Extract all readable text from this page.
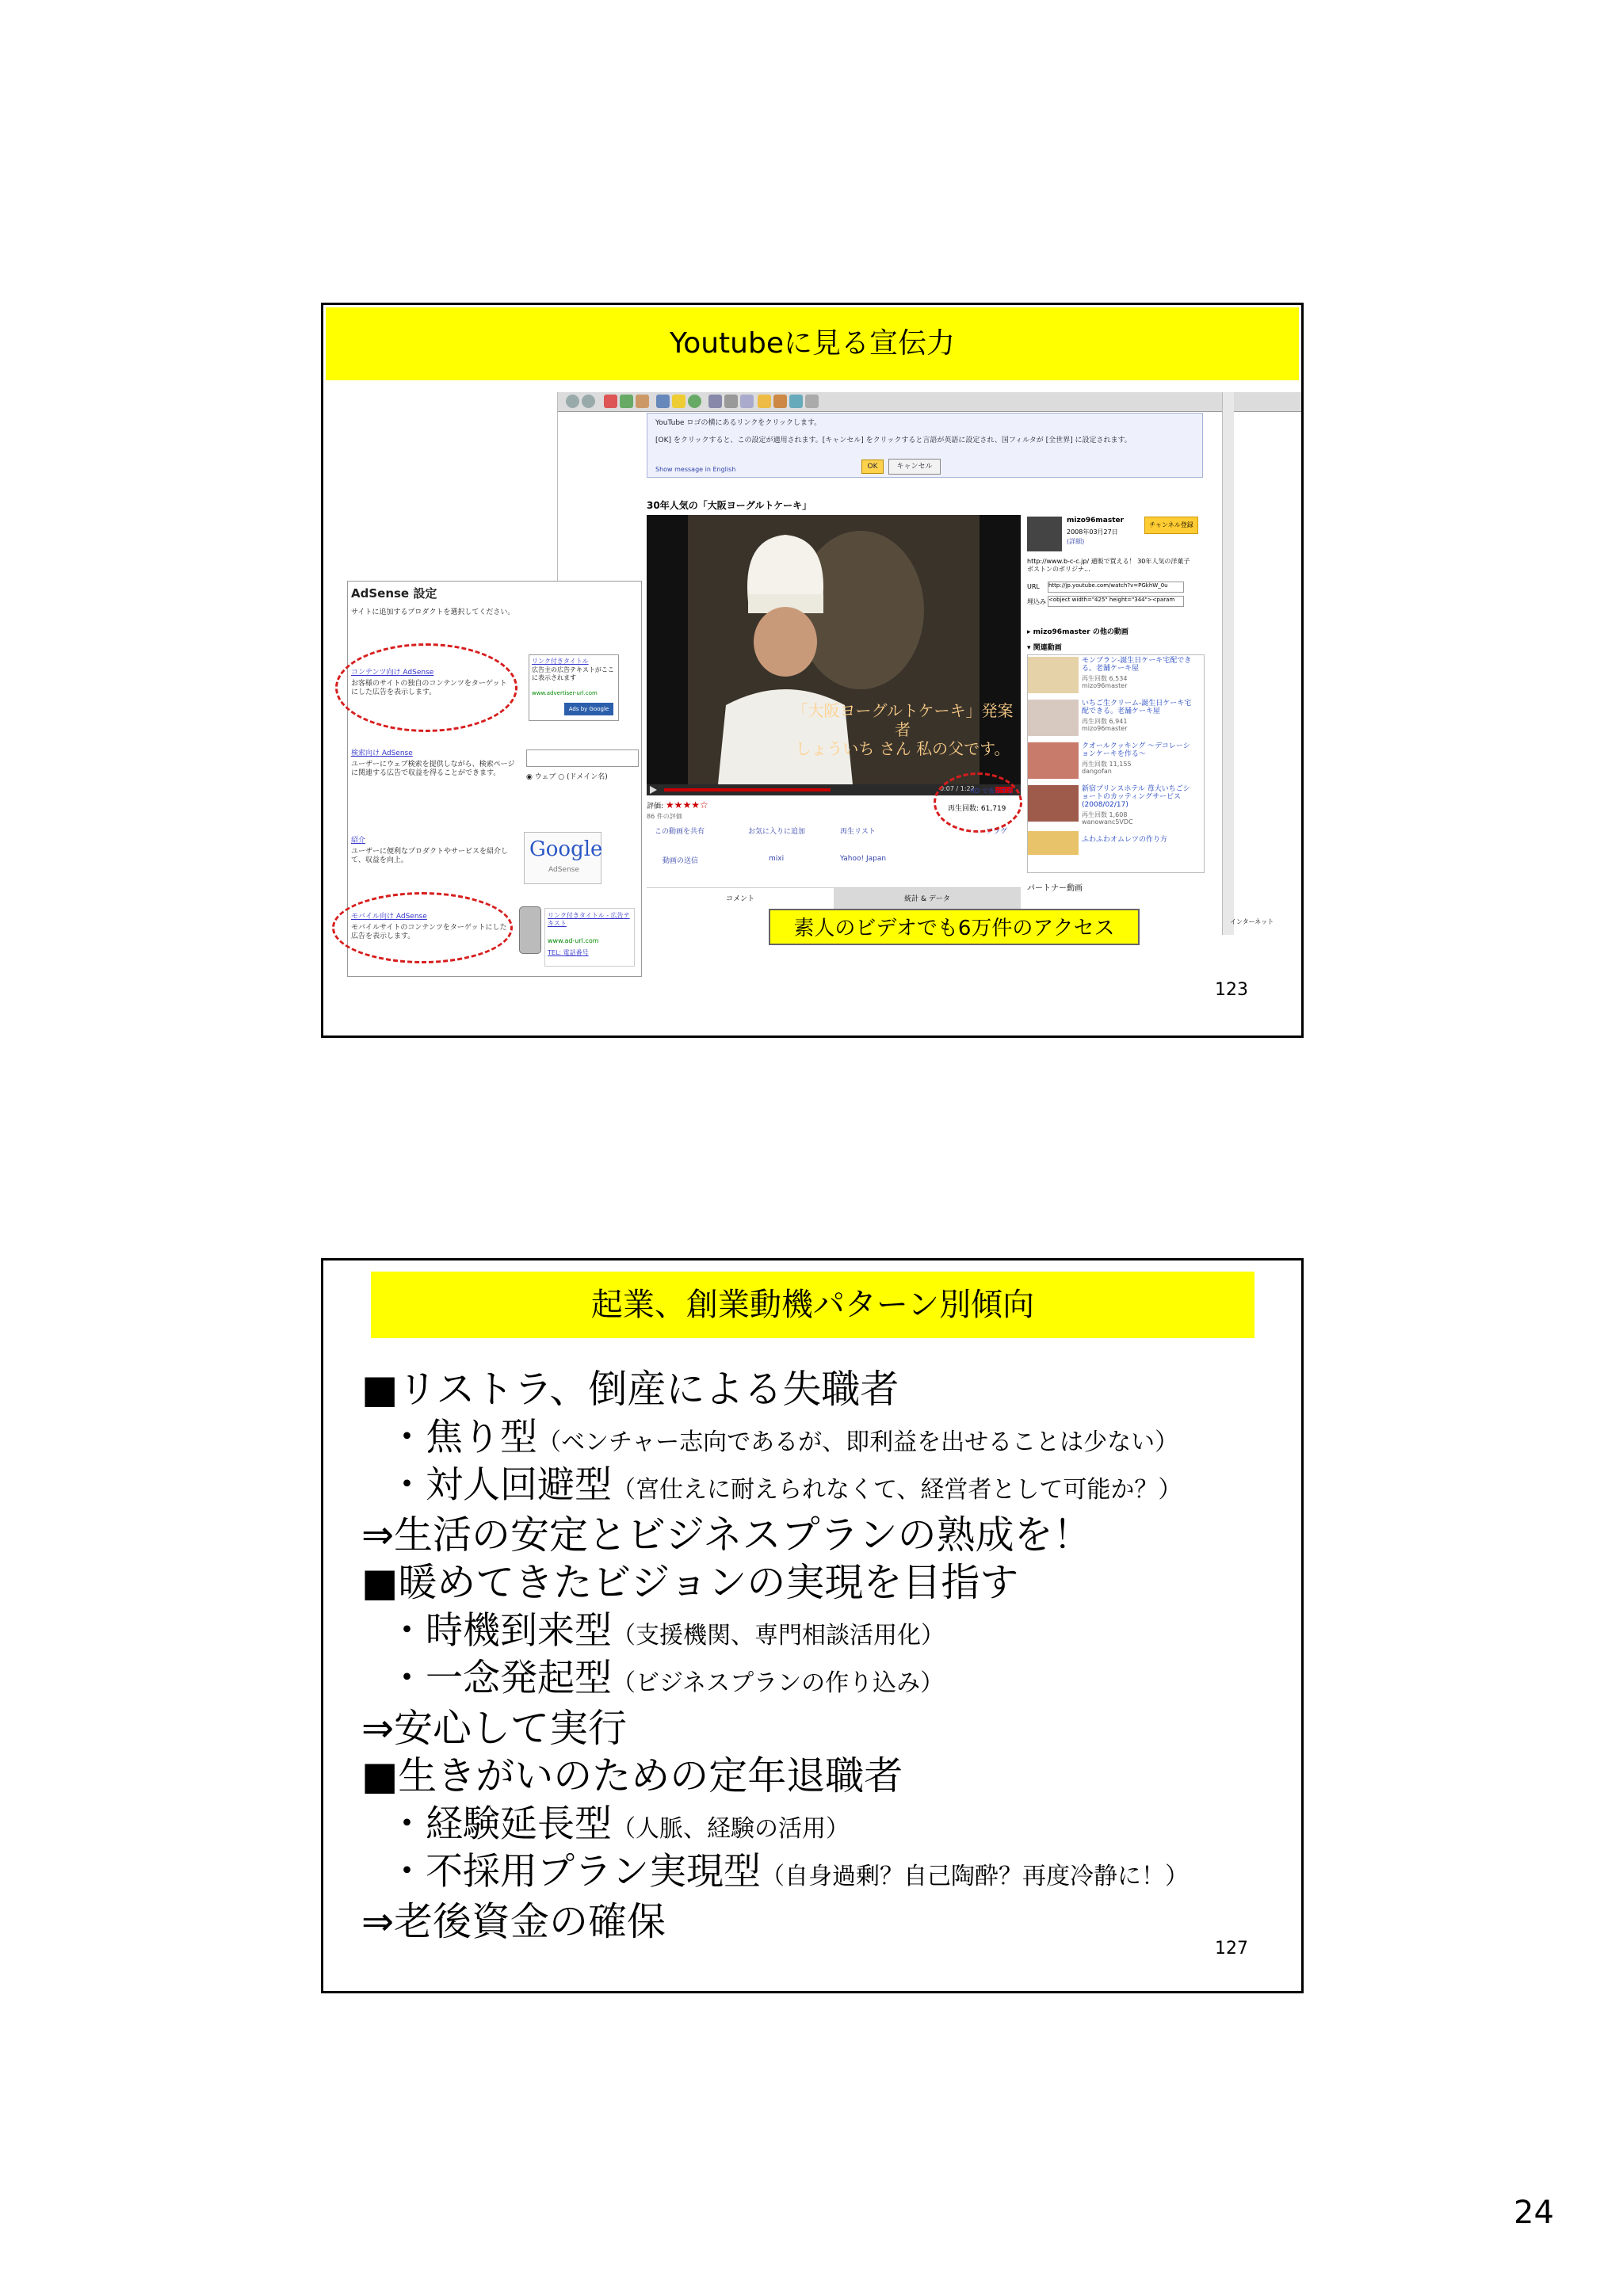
Youtubeに見る宣伝力
YouTube ロゴの横にあるリンクをクリックします。
[OK] をクリックすると、この設定が適用されます。[キャンセル] をクリックすると言語が英語に設定され、国フィルタが [全世界] に設定されます。
OK	キャンセル
Show message in English
30年人気の「大阪ヨーグルトケーキ」
「大阪ヨーグルトケーキ」発案者
しょういち さん 私の父です。
0:07 / 1:22
評価: ★★★★☆
86 件の評価
HD で表示する
再生回数: 61,719
この動画を共有	お気に入りに追加	再生リスト	フラグ
動画の送信	mixi	Yahoo! Japan
コメント	統計 & データ
mizo96master
2008年03月27日
(詳細)
チャンネル登録
http://www.b-c-c.jp/ 通販で買える！ 30年人気の洋菓子ボストンのポリジナ...
URL http://jp.youtube.com/watch?v=PGkhW_0u
埋込み <object width="425" height="344"><param
▸ mizo96master の他の動画
▾ 関連動画
モンブラン-誕生日ケーキ宅配できる。老舗ケーキ屋
再生回数 6,534
mizo96master
いちご生クリーム-誕生日ケーキ宅配できる。老舗ケーキ屋
再生回数 6,941
mizo96master
クオールクッキング ～デコレーションケーキを作る～
再生回数 11,155
dangofan
新宿プリンスホテル 苺大いちごショートのカッティングサービス(2008/02/17)
再生回数 1,608
wanowanc5VDC
ふわふわオムレツの作り方
パートナー動画
インターネット
AdSense 設定
サイトに追加するプロダクトを選択してください。
コンテンツ向け AdSense
お客様のサイトの独自のコンテンツをターゲットにした広告を表示します。
リンク付きタイトル
広告主の広告テキストがここに表示されます
www.advertiser-url.com
Ads by Google
検索向け AdSense
ユーザーにウェブ検索を提供しながら、検索ページに関連する広告で収益を得ることができます。	◉ ウェブ ○ (ドメイン名)
紹介
ユーザーに便利なプロダクトやサービスを紹介して、収益を向上。	Google
AdSense
モバイル向け AdSense
モバイルサイトのコンテンツをターゲットにした広告を表示します。
リンク付きタイトル - 広告テキスト
www.ad-url.com
TEL: 電話番号
素人のビデオでも6万件のアクセス
123
起業、創業動機パターン別傾向
■リストラ、倒産による失職者
・焦り型（ベンチャー志向であるが、即利益を出せることは少ない）
・対人回避型（宮仕えに耐えられなくて、経営者として可能か？）
⇒生活の安定とビジネスプランの熟成を！
■暖めてきたビジョンの実現を目指す
・時機到来型（支援機関、専門相談活用化）
・一念発起型（ビジネスプランの作り込み）
⇒安心して実行
■生きがいのための定年退職者
・経験延長型（人脈、経験の活用）
・不採用プラン実現型（自身過剰？自己陶酔？再度冷静に！）
⇒老後資金の確保
127
24
